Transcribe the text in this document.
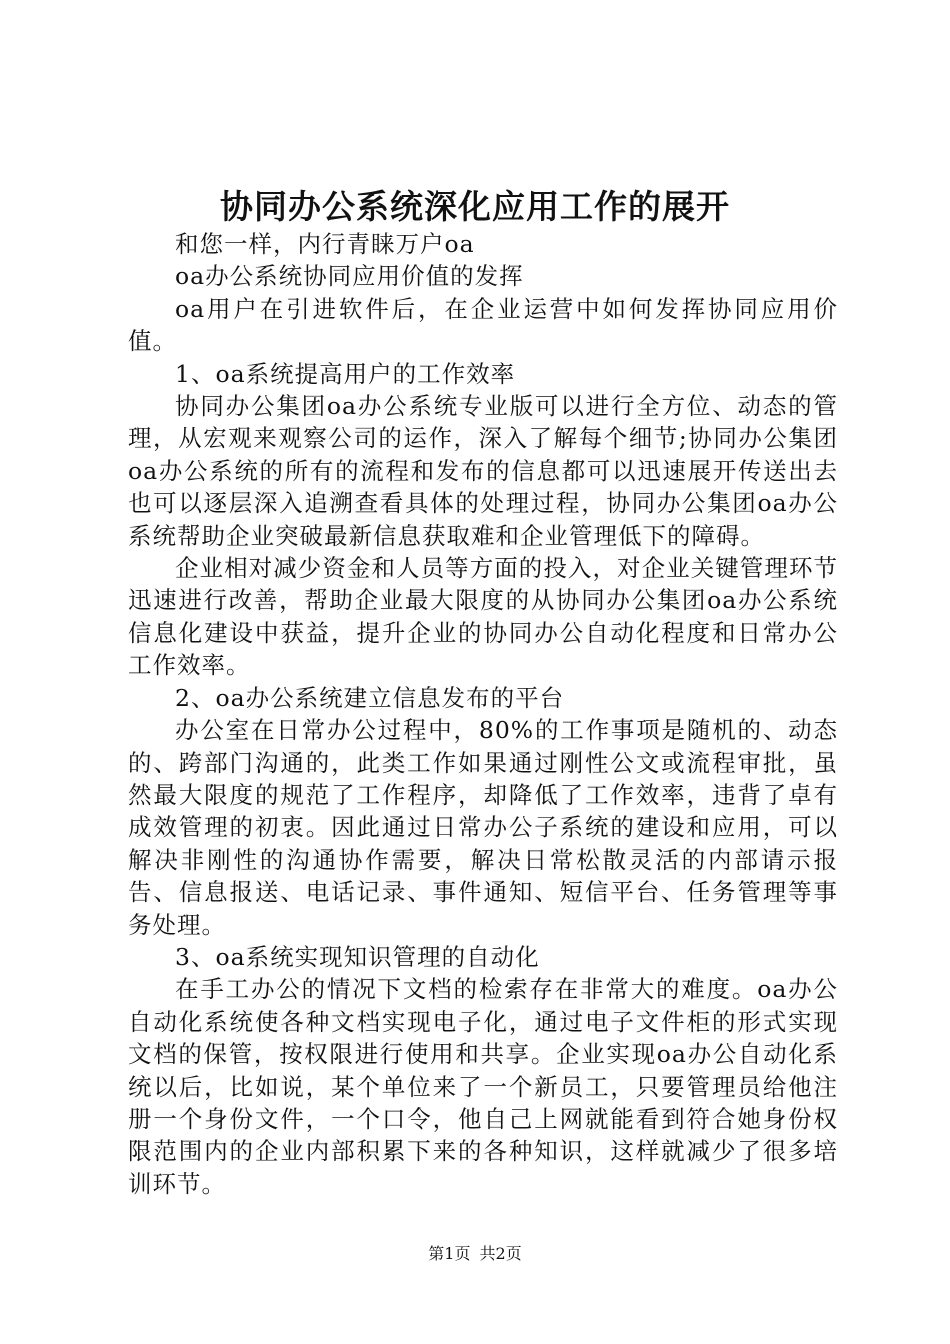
协同办公系统深化应用工作的展开

和您一样，内行青睐万户oa

oa办公系统协同应用价值的发挥

oa用户在引进软件后，在企业运营中如何发挥协同应用价值。

1、oa系统提高用户的工作效率

协同办公集团oa办公系统专业版可以进行全方位、动态的管理，从宏观来观察公司的运作，深入了解每个细节;协同办公集团oa办公系统的所有的流程和发布的信息都可以迅速展开传送出去也可以逐层深入追溯查看具体的处理过程，协同办公集团oa办公系统帮助企业突破最新信息获取难和企业管理低下的障碍。

企业相对减少资金和人员等方面的投入，对企业关键管理环节迅速进行改善，帮助企业最大限度的从协同办公集团oa办公系统信息化建设中获益，提升企业的协同办公自动化程度和日常办公工作效率。

2、oa办公系统建立信息发布的平台

办公室在日常办公过程中，80%的工作事项是随机的、动态的、跨部门沟通的，此类工作如果通过刚性公文或流程审批，虽然最大限度的规范了工作程序，却降低了工作效率，违背了卓有成效管理的初衷。因此通过日常办公子系统的建设和应用，可以解决非刚性的沟通协作需要，解决日常松散灵活的内部请示报告、信息报送、电话记录、事件通知、短信平台、任务管理等事务处理。

3、oa系统实现知识管理的自动化

在手工办公的情况下文档的检索存在非常大的难度。oa办公自动化系统使各种文档实现电子化，通过电子文件柜的形式实现文档的保管，按权限进行使用和共享。企业实现oa办公自动化系统以后，比如说，某个单位来了一个新员工，只要管理员给他注册一个身份文件，一个口令，他自己上网就能看到符合她身份权限范围内的企业内部积累下来的各种知识，这样就减少了很多培训环节。

第1页 共2页
